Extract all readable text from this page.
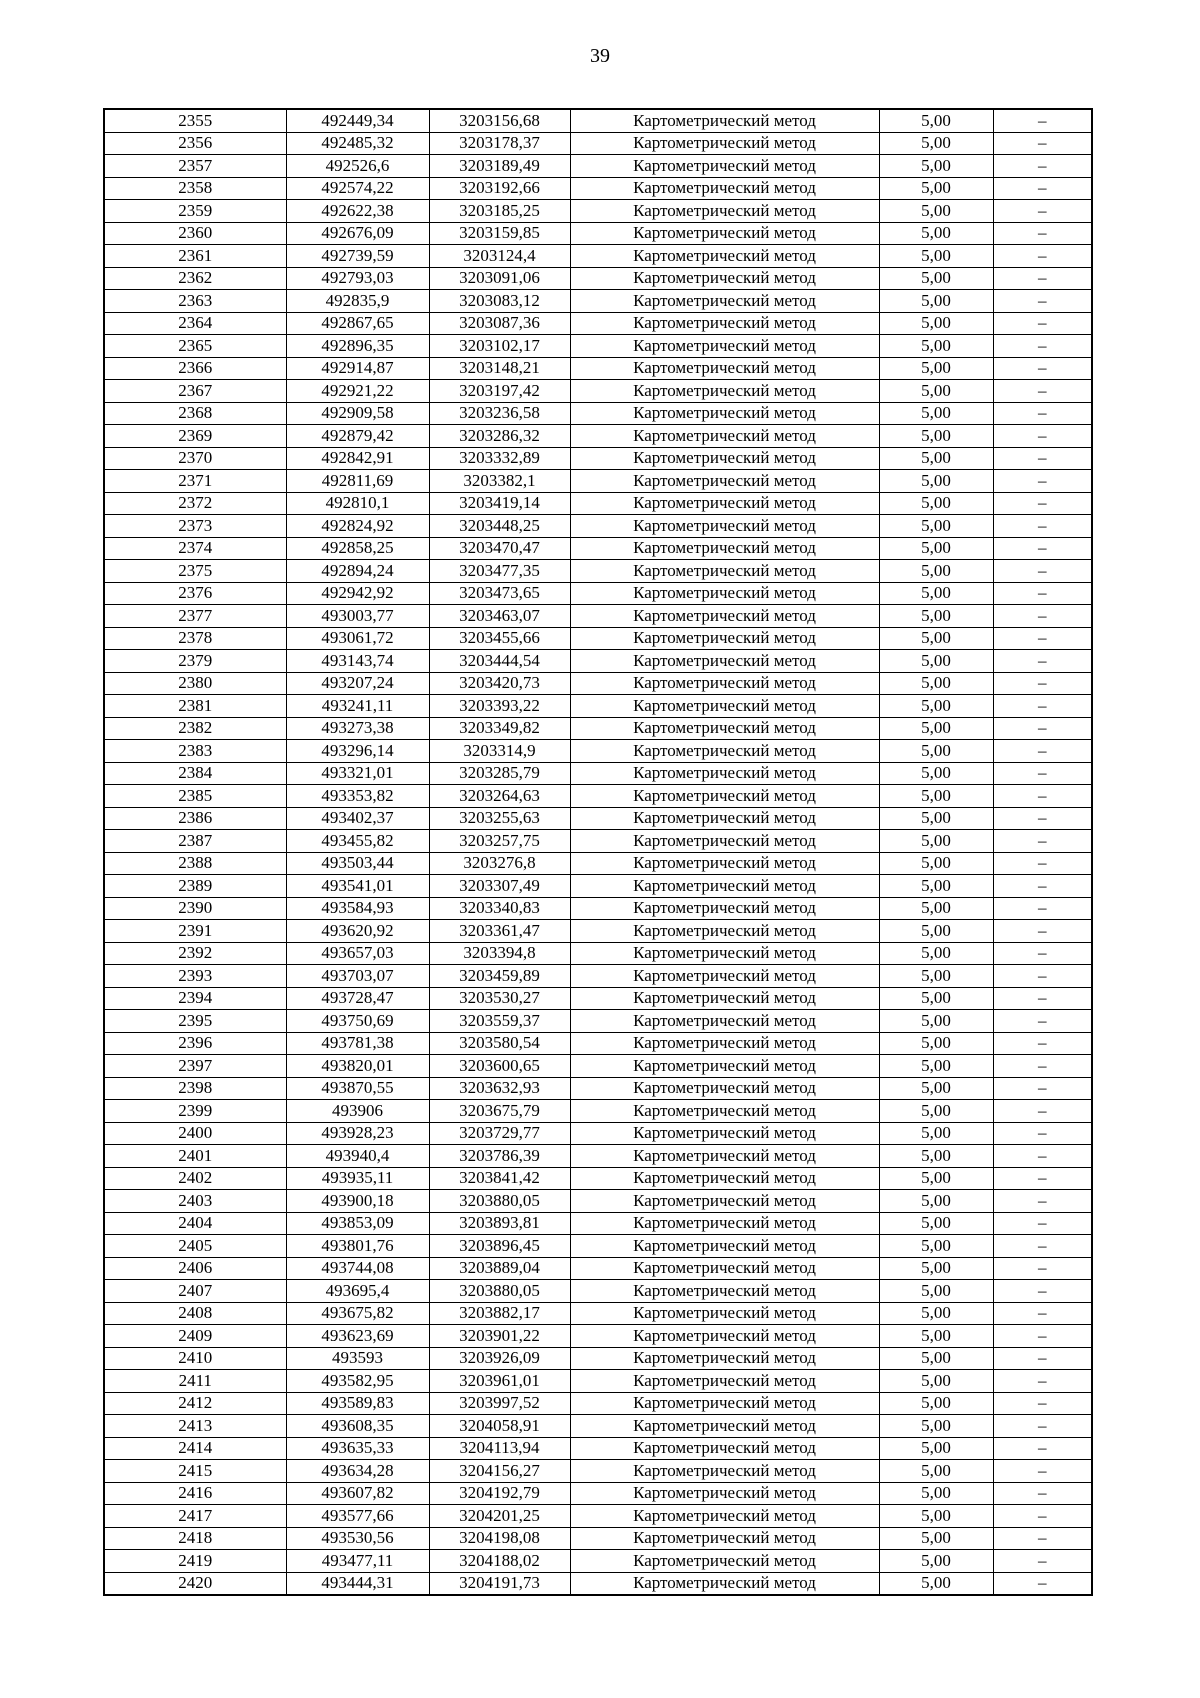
39
2355	492449,34	3203156,68	Картометрический метод	5,00	–
2356	492485,32	3203178,37	Картометрический метод	5,00	–
2357	492526,6	3203189,49	Картометрический метод	5,00	–
2358	492574,22	3203192,66	Картометрический метод	5,00	–
2359	492622,38	3203185,25	Картометрический метод	5,00	–
2360	492676,09	3203159,85	Картометрический метод	5,00	–
2361	492739,59	3203124,4	Картометрический метод	5,00	–
2362	492793,03	3203091,06	Картометрический метод	5,00	–
2363	492835,9	3203083,12	Картометрический метод	5,00	–
2364	492867,65	3203087,36	Картометрический метод	5,00	–
2365	492896,35	3203102,17	Картометрический метод	5,00	–
2366	492914,87	3203148,21	Картометрический метод	5,00	–
2367	492921,22	3203197,42	Картометрический метод	5,00	–
2368	492909,58	3203236,58	Картометрический метод	5,00	–
2369	492879,42	3203286,32	Картометрический метод	5,00	–
2370	492842,91	3203332,89	Картометрический метод	5,00	–
2371	492811,69	3203382,1	Картометрический метод	5,00	–
2372	492810,1	3203419,14	Картометрический метод	5,00	–
2373	492824,92	3203448,25	Картометрический метод	5,00	–
2374	492858,25	3203470,47	Картометрический метод	5,00	–
2375	492894,24	3203477,35	Картометрический метод	5,00	–
2376	492942,92	3203473,65	Картометрический метод	5,00	–
2377	493003,77	3203463,07	Картометрический метод	5,00	–
2378	493061,72	3203455,66	Картометрический метод	5,00	–
2379	493143,74	3203444,54	Картометрический метод	5,00	–
2380	493207,24	3203420,73	Картометрический метод	5,00	–
2381	493241,11	3203393,22	Картометрический метод	5,00	–
2382	493273,38	3203349,82	Картометрический метод	5,00	–
2383	493296,14	3203314,9	Картометрический метод	5,00	–
2384	493321,01	3203285,79	Картометрический метод	5,00	–
2385	493353,82	3203264,63	Картометрический метод	5,00	–
2386	493402,37	3203255,63	Картометрический метод	5,00	–
2387	493455,82	3203257,75	Картометрический метод	5,00	–
2388	493503,44	3203276,8	Картометрический метод	5,00	–
2389	493541,01	3203307,49	Картометрический метод	5,00	–
2390	493584,93	3203340,83	Картометрический метод	5,00	–
2391	493620,92	3203361,47	Картометрический метод	5,00	–
2392	493657,03	3203394,8	Картометрический метод	5,00	–
2393	493703,07	3203459,89	Картометрический метод	5,00	–
2394	493728,47	3203530,27	Картометрический метод	5,00	–
2395	493750,69	3203559,37	Картометрический метод	5,00	–
2396	493781,38	3203580,54	Картометрический метод	5,00	–
2397	493820,01	3203600,65	Картометрический метод	5,00	–
2398	493870,55	3203632,93	Картометрический метод	5,00	–
2399	493906	3203675,79	Картометрический метод	5,00	–
2400	493928,23	3203729,77	Картометрический метод	5,00	–
2401	493940,4	3203786,39	Картометрический метод	5,00	–
2402	493935,11	3203841,42	Картометрический метод	5,00	–
2403	493900,18	3203880,05	Картометрический метод	5,00	–
2404	493853,09	3203893,81	Картометрический метод	5,00	–
2405	493801,76	3203896,45	Картометрический метод	5,00	–
2406	493744,08	3203889,04	Картометрический метод	5,00	–
2407	493695,4	3203880,05	Картометрический метод	5,00	–
2408	493675,82	3203882,17	Картометрический метод	5,00	–
2409	493623,69	3203901,22	Картометрический метод	5,00	–
2410	493593	3203926,09	Картометрический метод	5,00	–
2411	493582,95	3203961,01	Картометрический метод	5,00	–
2412	493589,83	3203997,52	Картометрический метод	5,00	–
2413	493608,35	3204058,91	Картометрический метод	5,00	–
2414	493635,33	3204113,94	Картометрический метод	5,00	–
2415	493634,28	3204156,27	Картометрический метод	5,00	–
2416	493607,82	3204192,79	Картометрический метод	5,00	–
2417	493577,66	3204201,25	Картометрический метод	5,00	–
2418	493530,56	3204198,08	Картометрический метод	5,00	–
2419	493477,11	3204188,02	Картометрический метод	5,00	–
2420	493444,31	3204191,73	Картометрический метод	5,00	–
